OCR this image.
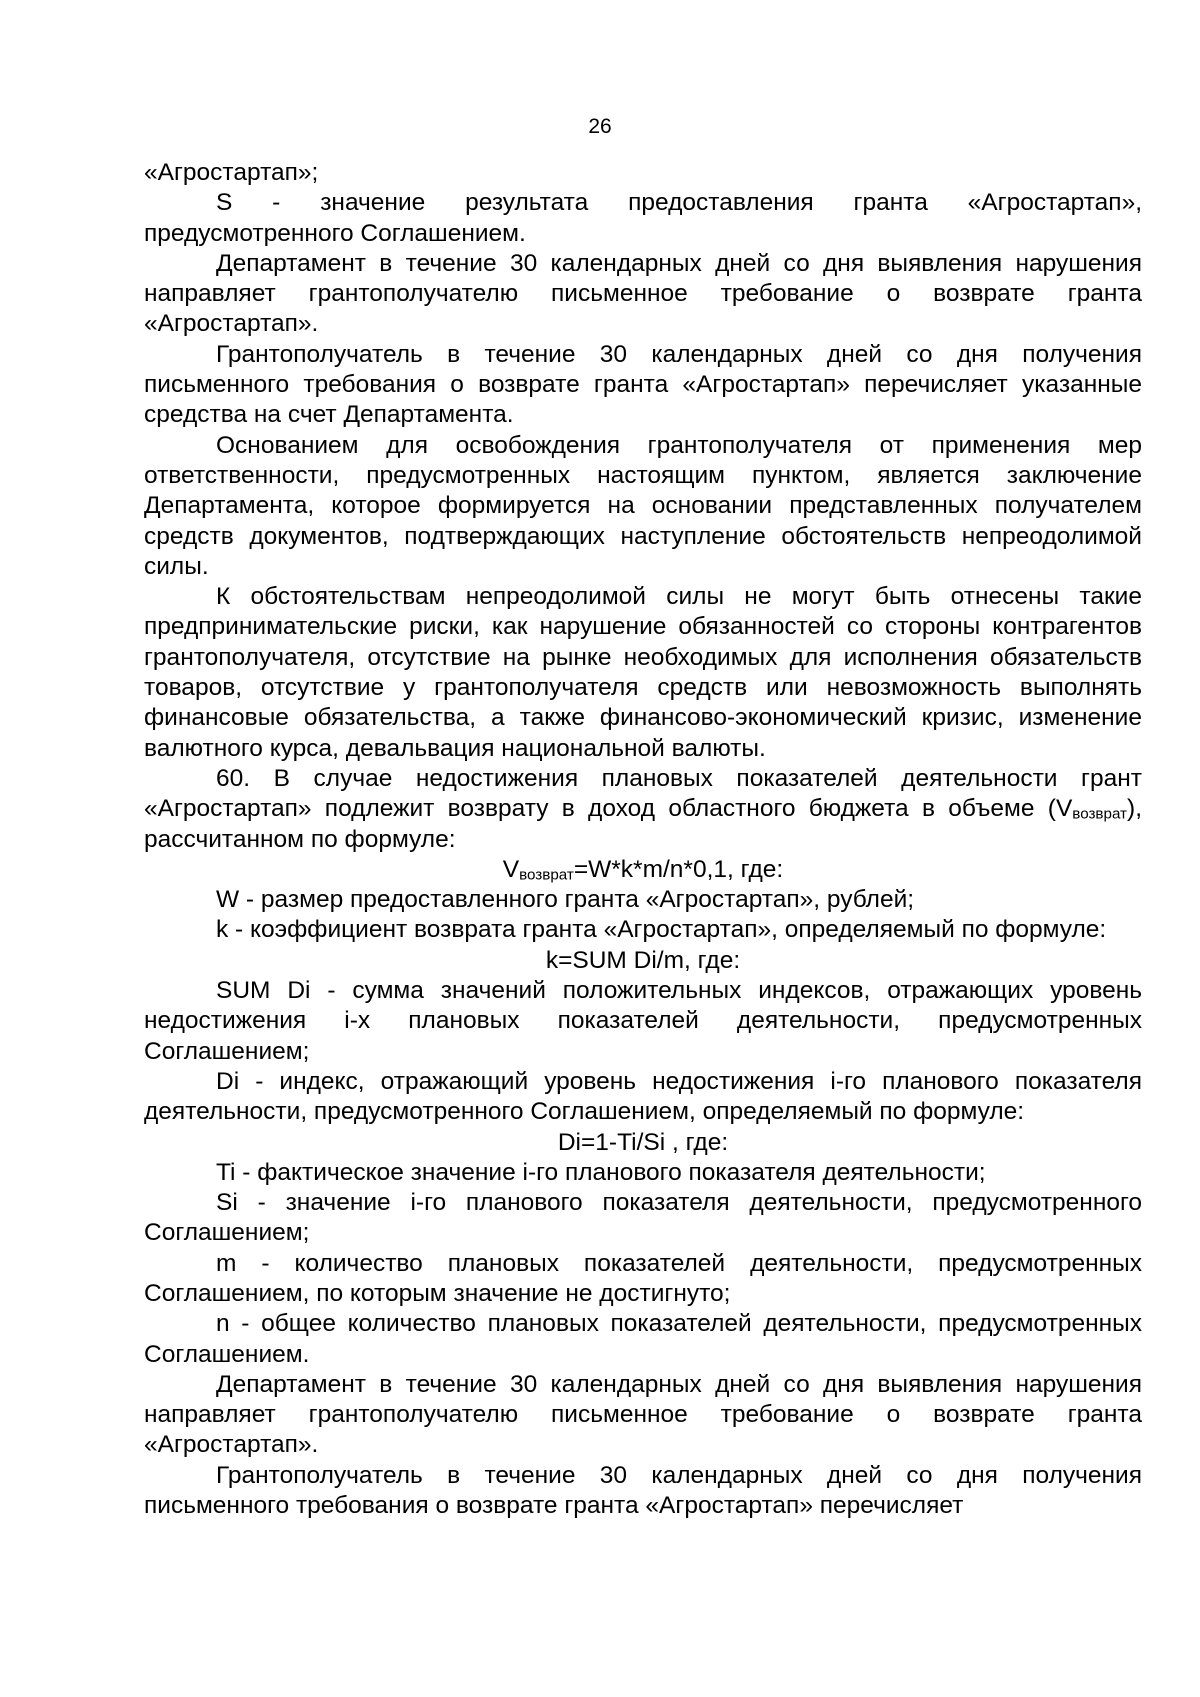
26

«Агростартап»;

S - значение результата предоставления гранта «Агростартап», предусмотренного Соглашением.

Департамент в течение 30 календарных дней со дня выявления нарушения направляет грантополучателю письменное требование о возврате гранта «Агростартап».

Грантополучатель в течение 30 календарных дней со дня получения письменного требования о возврате гранта «Агростартап» перечисляет указанные средства на счет Департамента.

Основанием для освобождения грантополучателя от применения мер ответственности, предусмотренных настоящим пунктом, является заключение Департамента, которое формируется на основании представленных получателем средств документов, подтверждающих наступление обстоятельств непреодолимой силы.

К обстоятельствам непреодолимой силы не могут быть отнесены такие предпринимательские риски, как нарушение обязанностей со стороны контрагентов грантополучателя, отсутствие на рынке необходимых для исполнения обязательств товаров, отсутствие у грантополучателя средств или невозможность выполнять финансовые обязательства, а также финансово-экономический кризис, изменение валютного курса, девальвация национальной валюты.

60. В случае недостижения плановых показателей деятельности грант «Агростартап» подлежит возврату в доход областного бюджета в объеме $(V_{возврат})$, рассчитанном по формуле:

$V_{возврат}=W*k*m/n*0,1$, где:

W - размер предоставленного гранта «Агростартап», рублей;

k - коэффициент возврата гранта «Агростартап», определяемый по формуле:

k=SUM Di/m, где:

SUM Di - сумма значений положительных индексов, отражающих уровень недостижения i-х плановых показателей деятельности, предусмотренных Соглашением;

Di - индекс, отражающий уровень недостижения i-го планового показателя деятельности, предусмотренного Соглашением, определяемый по формуле:

Di=1-Ti/Si , где:

Ti - фактическое значение i-го планового показателя деятельности;

Si - значение i-го планового показателя деятельности, предусмотренного Соглашением;

m - количество плановых показателей деятельности, предусмотренных Соглашением, по которым значение не достигнуто;

n - общее количество плановых показателей деятельности, предусмотренных Соглашением.

Департамент в течение 30 календарных дней со дня выявления нарушения направляет грантополучателю письменное требование о возврате гранта «Агростартап».

Грантополучатель в течение 30 календарных дней со дня получения письменного требования о возврате гранта «Агростартап» перечисляет
